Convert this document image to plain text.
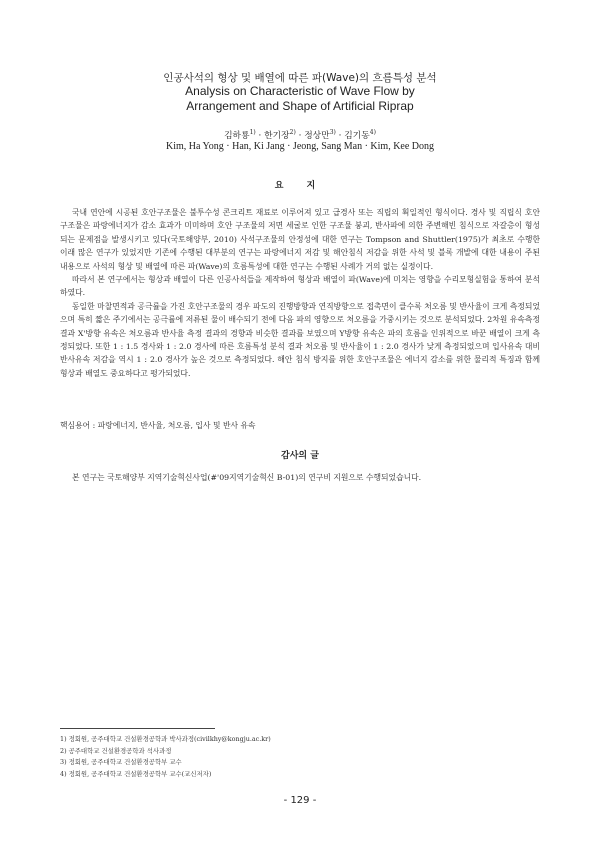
인공사석의 형상 및 배열에 따른 파(Wave)의 흐름특성 분석
Analysis on Characteristic of Wave Flow by
Arrangement and Shape of Artificial Riprap
김하룡$^{1)}$ · 한기장$^{2)}$ · 정상만$^{3)}$ · 김기동$^{4)}$
Kim, Ha Yong · Han, Ki Jang · Jeong, Sang Man · Kim, Kee Dong
요 지

국내 연안에 시공된 호안구조물은 불투수성 콘크리트 재료로 이루어져 있고 급경사 또는 직립의 획일적인 형식이다. 경사 및 직립식 호안 구조물은 파랑에너지가 감소 효과가 미미하며 호안 구조물의 저면 세굴로 인한 구조물 붕괴, 반사파에 의한 주변해빈 침식으로 자갈층이 형성되는 문제점을 발생시키고 있다(국토해양부, 2010) 사석구조물의 안정성에 대한 연구는 Tompson and Shuttler(1975)가 최초로 수행한 이래 많은 연구가 있었지만 기존에 수행된 대부분의 연구는 파랑에너지 저감 및 해안침식 저감을 위한 사석 및 블록 개발에 대한 내용이 주된 내용으로 사석의 형상 및 배열에 따른 파(Wave)의 흐름특성에 대한 연구는 수행된 사례가 거의 없는 실정이다.

따라서 본 연구에서는 형상과 배열이 다른 인공사석들을 제작하여 형상과 배열이 파(Wave)에 미치는 영향을 수리모형실험을 통하여 분석하였다.

동일한 마찰면적과 공극률을 가진 호안구조물의 경우 파도의 진행방향과 연직방향으로 접촉면이 클수록 처오름 및 반사율이 크게 측정되었으며 특히 짧은 주기에서는 공극률에 저류된 물이 배수되기 전에 다음 파의 영향으로 처오름을 가중시키는 것으로 분석되었다. 2차원 유속측정 결과 X'방향 유속은 처오름과 반사율 측정 결과의 경향과 비슷한 결과를 보였으며 Y방향 유속은 파의 흐름을 인위적으로 바꾼 배열이 크게 측정되었다. 또한 1 : 1.5 경사와 1 : 2.0 경사에 따른 흐름특성 분석 결과 처오름 및 반사율이 1 : 2.0 경사가 낮게 측정되었으며 입사유속 대비 반사유속 저감을 역시 1 : 2.0 경사가 높은 것으로 측정되었다. 해안 침식 방지를 위한 호안구조물은 에너지 감소를 위한 물리적 특징과 함께 형상과 배열도 중요하다고 평가되었다.

핵심용어 : 파랑에너지, 반사율, 처오름, 입사 및 반사 유속
감사의 글
본 연구는 국토해양부 지역기술혁신사업(#'09지역기술혁신 B-01)의 연구비 지원으로 수행되었습니다.
1) 정회원, 공주대학교 건설환경공학과 박사과정(civilkhy@kongju.ac.kr)
2) 공주대학교 건설환경공학과 석사과정
3) 정회원, 공주대학교 건설환경공학부 교수
4) 정회원, 공주대학교 건설환경공학부 교수(교신저자)
- 129 -
